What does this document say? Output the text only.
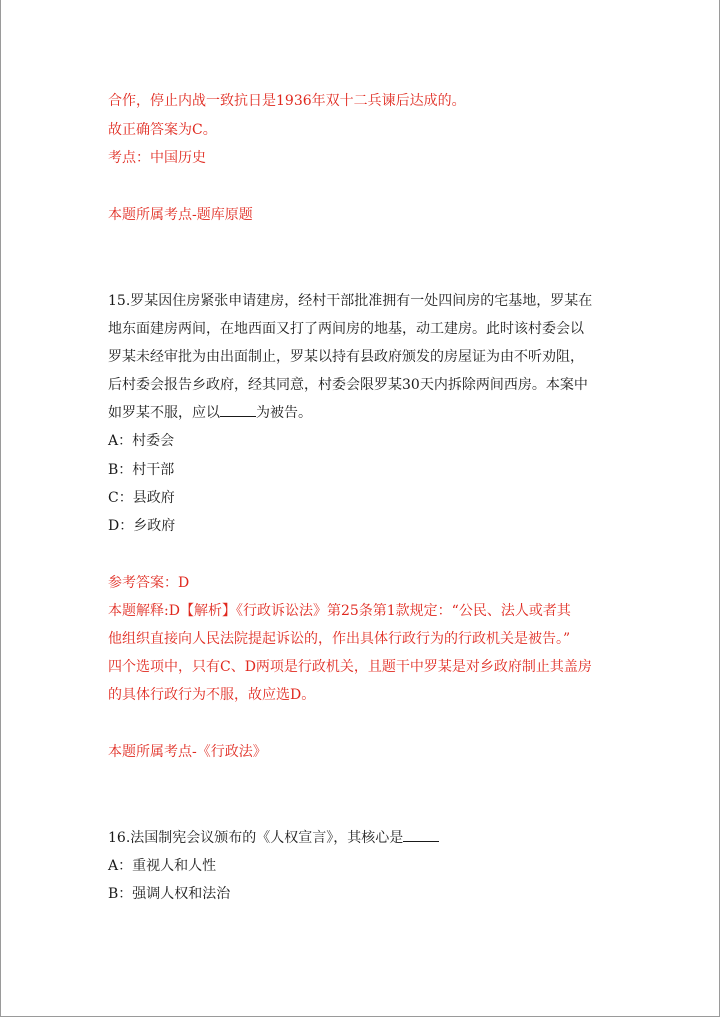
合作，停止内战一致抗日是1936年双十二兵谏后达成的。
故正确答案为C。
考点：中国历史
本题所属考点-题库原题
15.罗某因住房紧张申请建房，经村干部批准拥有一处四间房的宅基地，罗某在
地东面建房两间，在地西面又打了两间房的地基，动工建房。此时该村委会以
罗某未经审批为由出面制止，罗某以持有县政府颁发的房屋证为由不听劝阻，
后村委会报告乡政府，经其同意，村委会限罗某30天内拆除两间西房。本案中
如罗某不服，应以	为被告。
A：村委会
B：村干部
C：县政府
D：乡政府
参考答案：D
本题解释:D【解析】《行政诉讼法》第25条第1款规定：“公民、法人或者其
他组织直接向人民法院提起诉讼的，作出具体行政行为的行政机关是被告。”
四个选项中，只有C、D两项是行政机关，且题干中罗某是对乡政府制止其盖房
的具体行政行为不服，故应选D。
本题所属考点-《行政法》
16.法国制宪会议颁布的《人权宣言》，其核心是
A：重视人和人性
B：强调人权和法治
